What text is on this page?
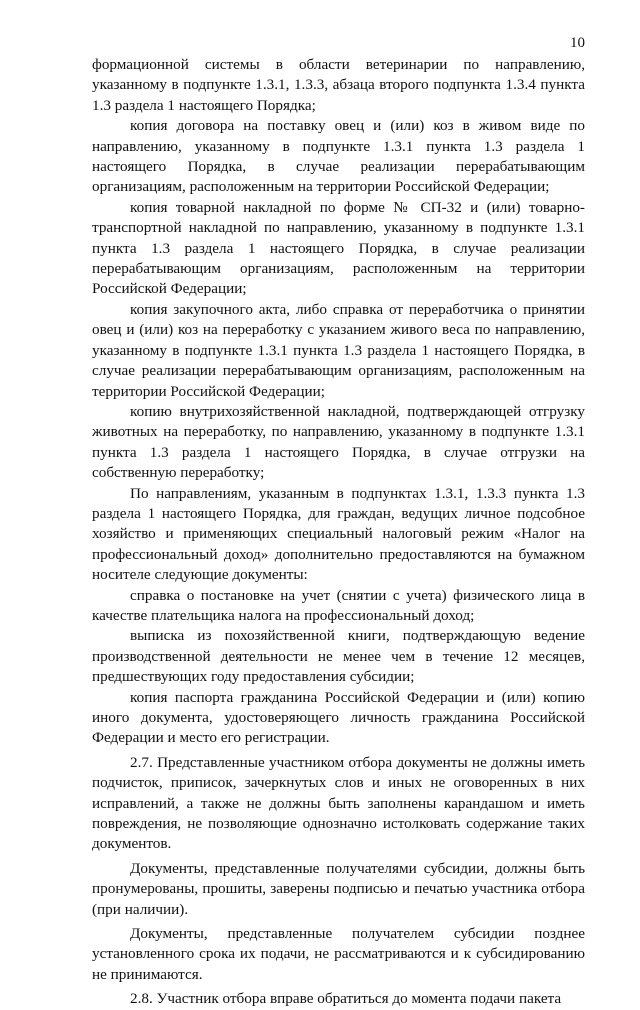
10

формационной системы в области ветеринарии по направлению, указанному в подпункте 1.3.1, 1.3.3, абзаца второго подпункта 1.3.4 пункта 1.3 раздела 1 настоящего Порядка;

копия договора на поставку овец и (или) коз в живом виде по направлению, указанному в подпункте 1.3.1 пункта 1.3 раздела 1 настоящего Порядка, в случае реализации перерабатывающим организациям, расположенным на территории Российской Федерации;

копия товарной накладной по форме № СП-32 и (или) товарно-транспортной накладной по направлению, указанному в подпункте 1.3.1 пункта 1.3 раздела 1 настоящего Порядка, в случае реализации перерабатывающим организациям, расположенным на территории Российской Федерации;

копия закупочного акта, либо справка от переработчика о принятии овец и (или) коз на переработку с указанием живого веса по направлению, указанному в подпункте 1.3.1 пункта 1.3 раздела 1 настоящего Порядка, в случае реализации перерабатывающим организациям, расположенным на территории Российской Федерации;

копию внутрихозяйственной накладной, подтверждающей отгрузку животных на переработку, по направлению, указанному в подпункте 1.3.1 пункта 1.3 раздела 1 настоящего Порядка, в случае отгрузки на собственную переработку;

По направлениям, указанным в подпунктах 1.3.1, 1.3.3 пункта 1.3 раздела 1 настоящего Порядка, для граждан, ведущих личное подсобное хозяйство и применяющих специальный налоговый режим «Налог на профессиональный доход» дополнительно предоставляются на бумажном носителе следующие документы:

справка о постановке на учет (снятии с учета) физического лица в качестве плательщика налога на профессиональный доход;

выписка из похозяйственной книги, подтверждающую ведение производственной деятельности не менее чем в течение 12 месяцев, предшествующих году предоставления субсидии;

копия паспорта гражданина Российской Федерации и (или) копию иного документа, удостоверяющего личность гражданина Российской Федерации и место его регистрации.

2.7. Представленные участником отбора документы не должны иметь подчисток, приписок, зачеркнутых слов и иных не оговоренных в них исправлений, а также не должны быть заполнены карандашом и иметь повреждения, не позволяющие однозначно истолковать содержание таких документов.

Документы, представленные получателями субсидии, должны быть пронумерованы, прошиты, заверены подписью и печатью участника отбора (при наличии).

Документы, представленные получателем субсидии позднее установленного срока их подачи, не рассматриваются и к субсидированию не принимаются.

2.8. Участник отбора вправе обратиться до момента подачи пакета
